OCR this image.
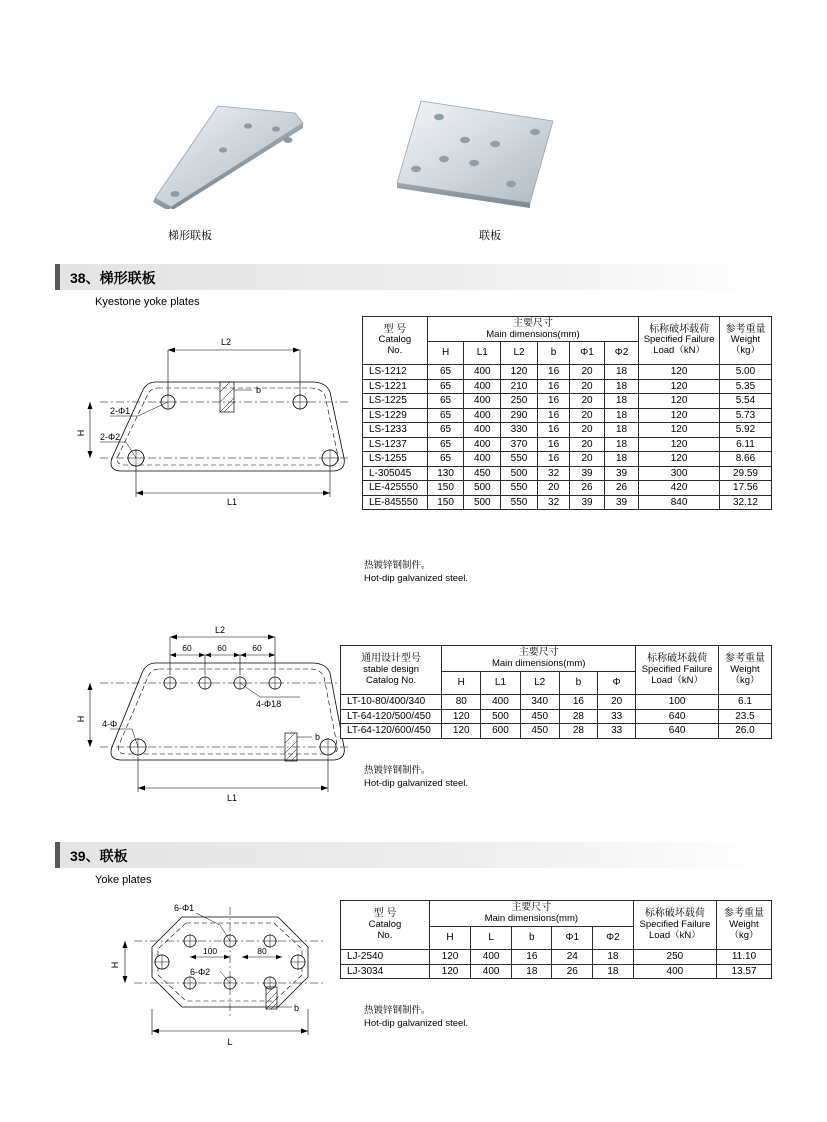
梯形联板	联板
38、梯形联板
Kyestone yoke plates
L2
L1
H
b
2-Φ1
2-Φ2
型 号
Catalog
No.

主要尺寸
Main dimensions(mm)	标称破坏载荷
Specified Failure
Load（kN）

参考重量
Weight
（kg）

	H	L1	L2	b	Φ1	Φ2		
LS-1212	65	400	120	16	20	18	120	5.00
LS-1221	65	400	210	16	20	18	120	5.35
LS-1225	65	400	250	16	20	18	120	5.54
LS-1229	65	400	290	16	20	18	120	5.73
LS-1233	65	400	330	16	20	18	120	5.92
LS-1237	65	400	370	16	20	18	120	6.11
LS-1255	65	400	550	16	20	18	120	8.66
L-305045	130	450	500	32	39	39	300	29.59
LE-425550	150	500	550	20	26	26	420	17.56
LE-845550	150	500	550	32	39	39	840	32.12
热镀锌钢制件。
Hot-dip galvanized steel.
b
L2
60	60	60
4-Φ18
4-Φ
H
L1
通用设计型号
stable design
Catalog No.

主要尺寸
Main dimensions(mm)	标称破坏载荷
Specified Failure
Load（kN）

参考重量
Weight
（kg）

	H	L1	L2	b	Φ		
LT-10-80/400/340	80	400	340	16	20	100	6.1
LT-64-120/500/450	120	500	450	28	33	640	23.5
LT-64-120/600/450	120	600	450	28	33	640	26.0
热镀锌钢制件。
Hot-dip galvanized steel.
39、联板
Yoke plates
b
6-Φ1
6-Φ2
100	80
H
L
型 号
Catalog
No.

主要尺寸
Main dimensions(mm)	标称破坏载荷
Specified Failure
Load（kN）

参考重量
Weight
（kg）

	H	L	b	Φ1	Φ2		
LJ-2540	120	400	16	24	18	250	11.10
LJ-3034	120	400	18	26	18	400	13.57
热镀锌钢制件。
Hot-dip galvanized steel.
